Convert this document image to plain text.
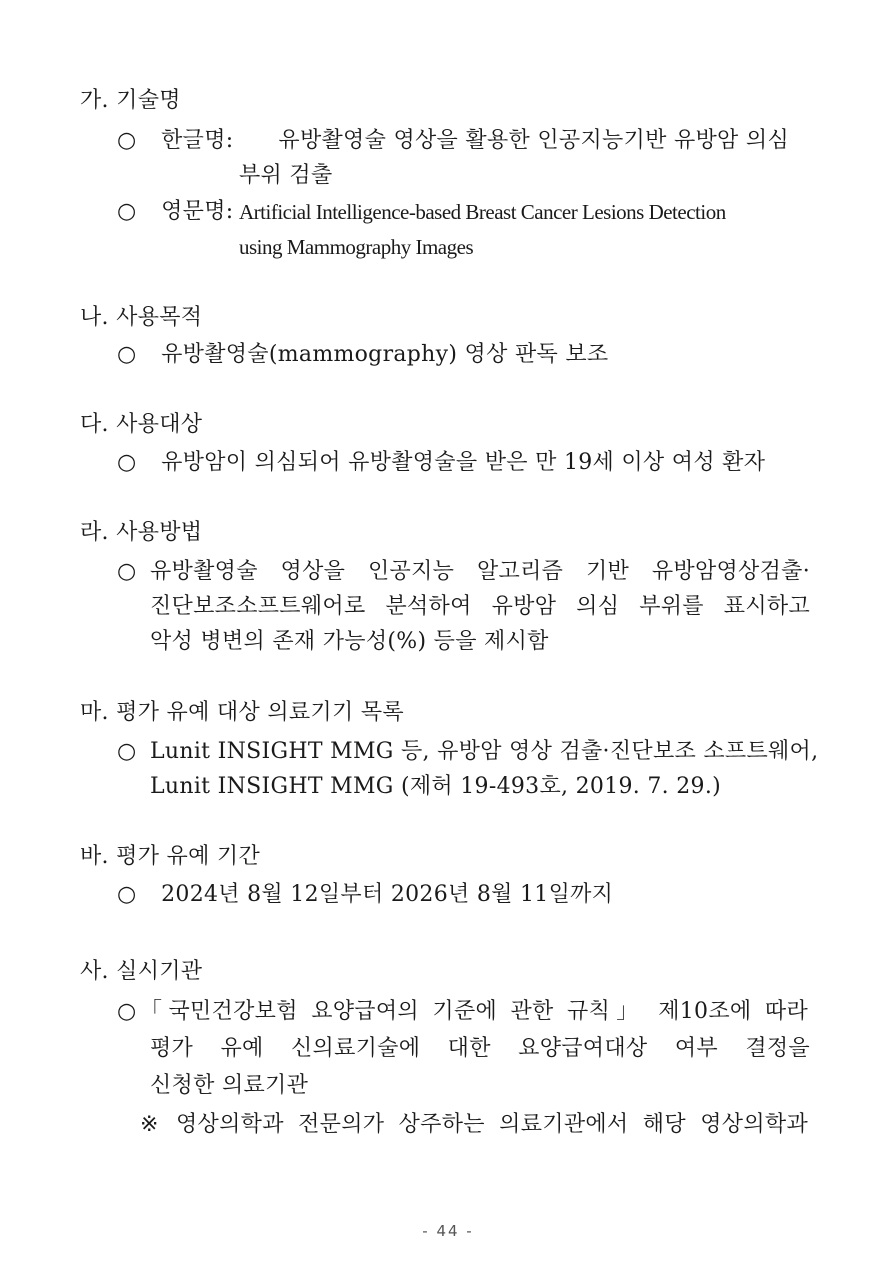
가. 기술명
○ 한글명: 유방촬영술 영상을 활용한 인공지능기반 유방암 의심
부위 검출
○ 영문명: Artificial Intelligence-based Breast Cancer Lesions Detection
using Mammography Images
나. 사용목적
○ 유방촬영술(mammography) 영상 판독 보조
다. 사용대상
○ 유방암이 의심되어 유방촬영술을 받은 만 19세 이상 여성 환자
라. 사용방법
○ 유방촬영술 영상을 인공지능 알고리즘 기반 유방암영상검출·
진단보조소프트웨어로 분석하여 유방암 의심 부위를 표시하고
악성 병변의 존재 가능성(%) 등을 제시함
마. 평가 유예 대상 의료기기 목록
○ Lunit INSIGHT MMG 등, 유방암 영상 검출·진단보조 소프트웨어,
Lunit INSIGHT MMG (제허 19-493호, 2019. 7. 29.)
바. 평가 유예 기간
○ 2024년 8월 12일부터 2026년 8월 11일까지
사. 실시기관
○ 「국민건강보험 요양급여의 기준에 관한 규칙」 제10조에 따라
평가 유예 신의료기술에 대한 요양급여대상 여부 결정을
신청한 의료기관
※ 영상의학과 전문의가 상주하는 의료기관에서 해당 영상의학과
- 44 -
